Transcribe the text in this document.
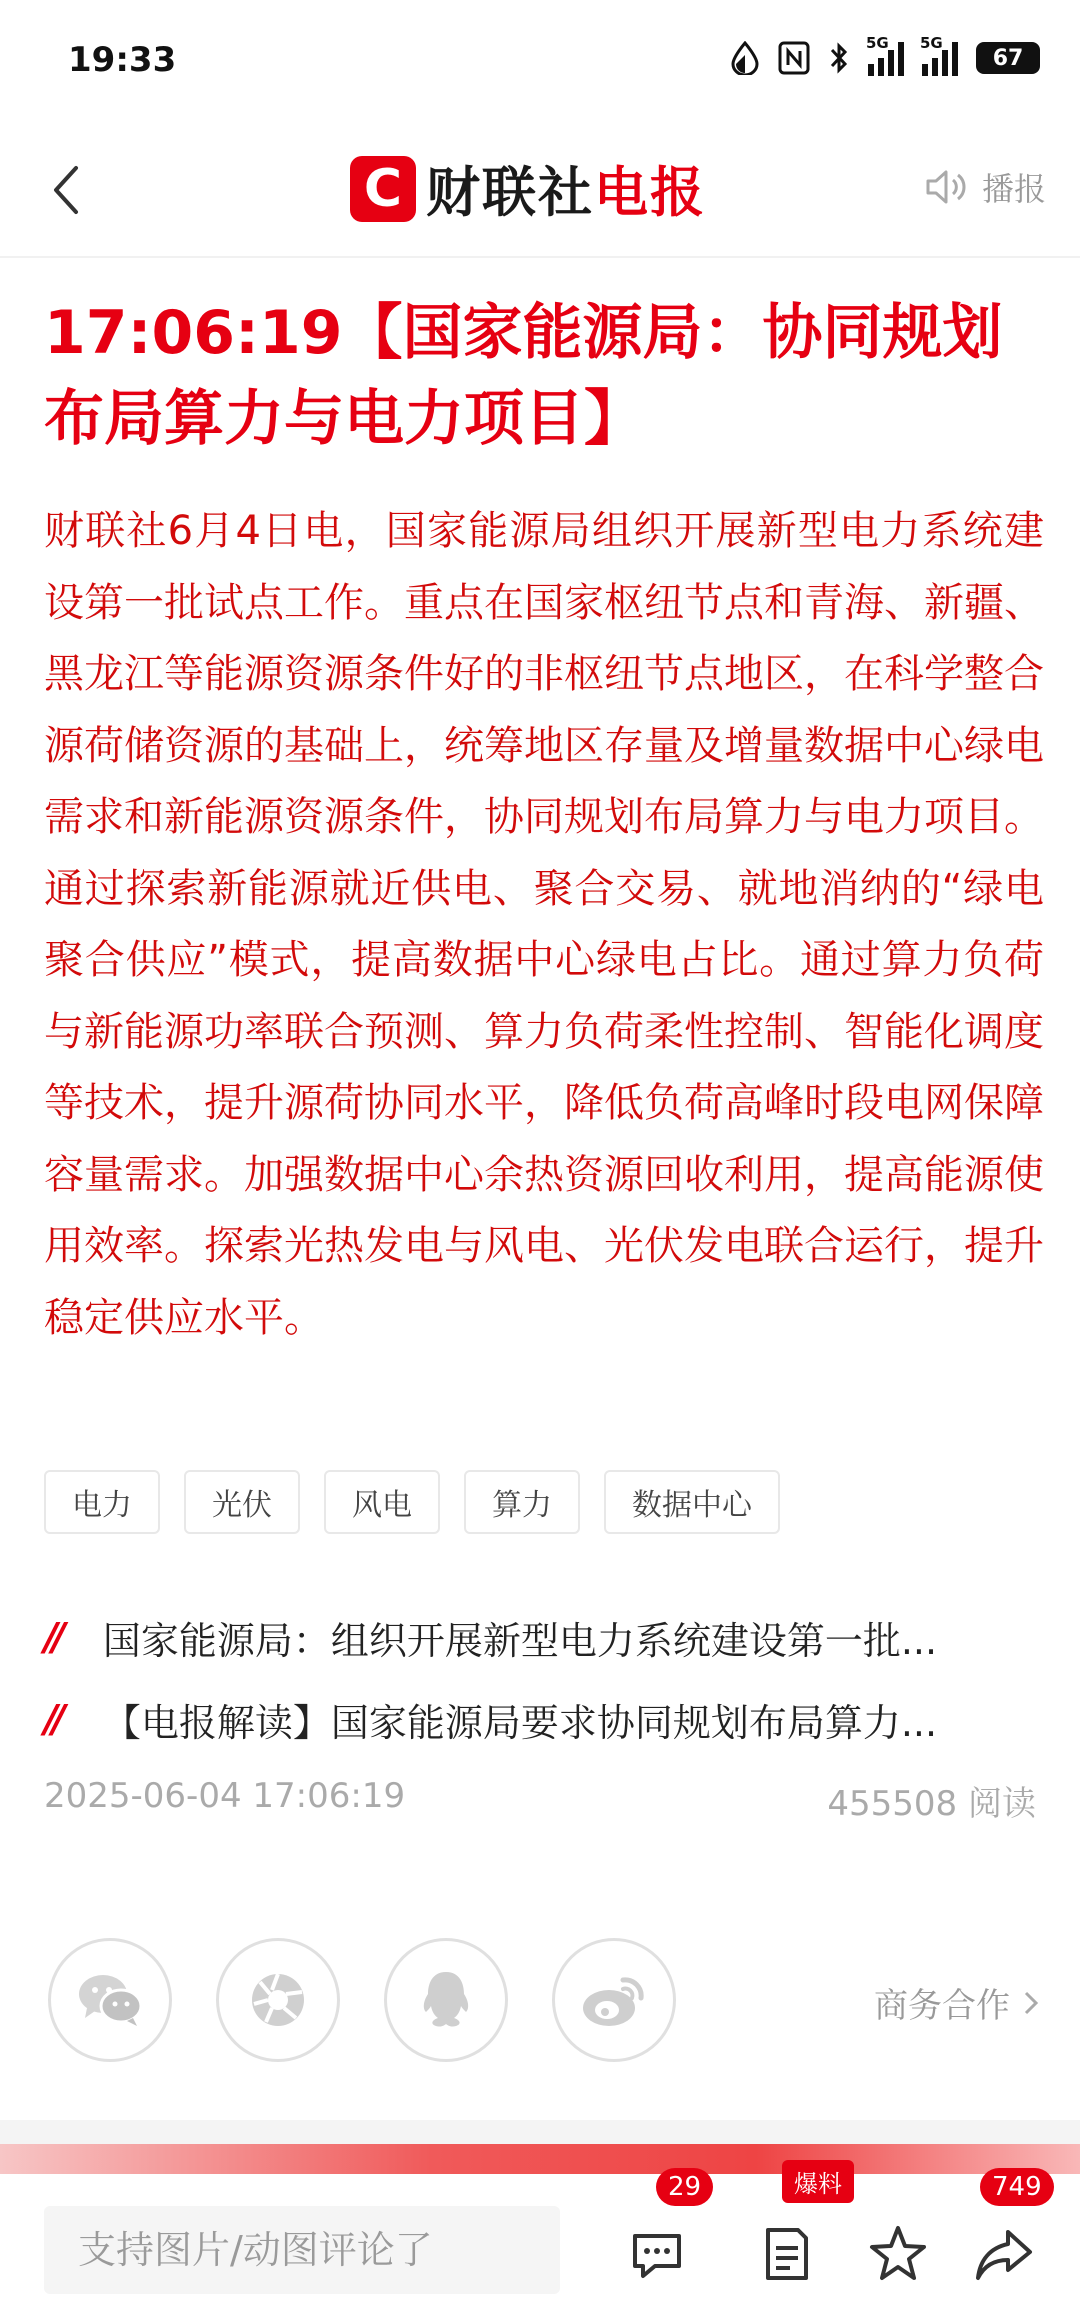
19:33	5G 5G
67
C 财联社电报	播报
17:06:19【国家能源局：协同规划布局算力与电力项目】
财联社6月4日电，国家能源局组织开展新型电力系统建设第一批试点工作。重点在国家枢纽节点和青海、新疆、黑龙江等能源资源条件好的非枢纽节点地区，在科学整合源荷储资源的基础上，统筹地区存量及增量数据中心绿电需求和新能源资源条件，协同规划布局算力与电力项目。通过探索新能源就近供电、聚合交易、就地消纳的“绿电聚合供应”模式，提高数据中心绿电占比。通过算力负荷与新能源功率联合预测、算力负荷柔性控制、智能化调度等技术，提升源荷协同水平，降低负荷高峰时段电网保障容量需求。加强数据中心余热资源回收利用，提高能源使用效率。探索光热发电与风电、光伏发电联合运行，提升稳定供应水平。
电力	光伏	风电	算力	数据中心
//	国家能源局：组织开展新型电力系统建设第一批...
//	【电报解读】国家能源局要求协同规划布局算力...
2025-06-04 17:06:19	455508 阅读
商务合作
支持图片/动图评论了
29	爆料	749
